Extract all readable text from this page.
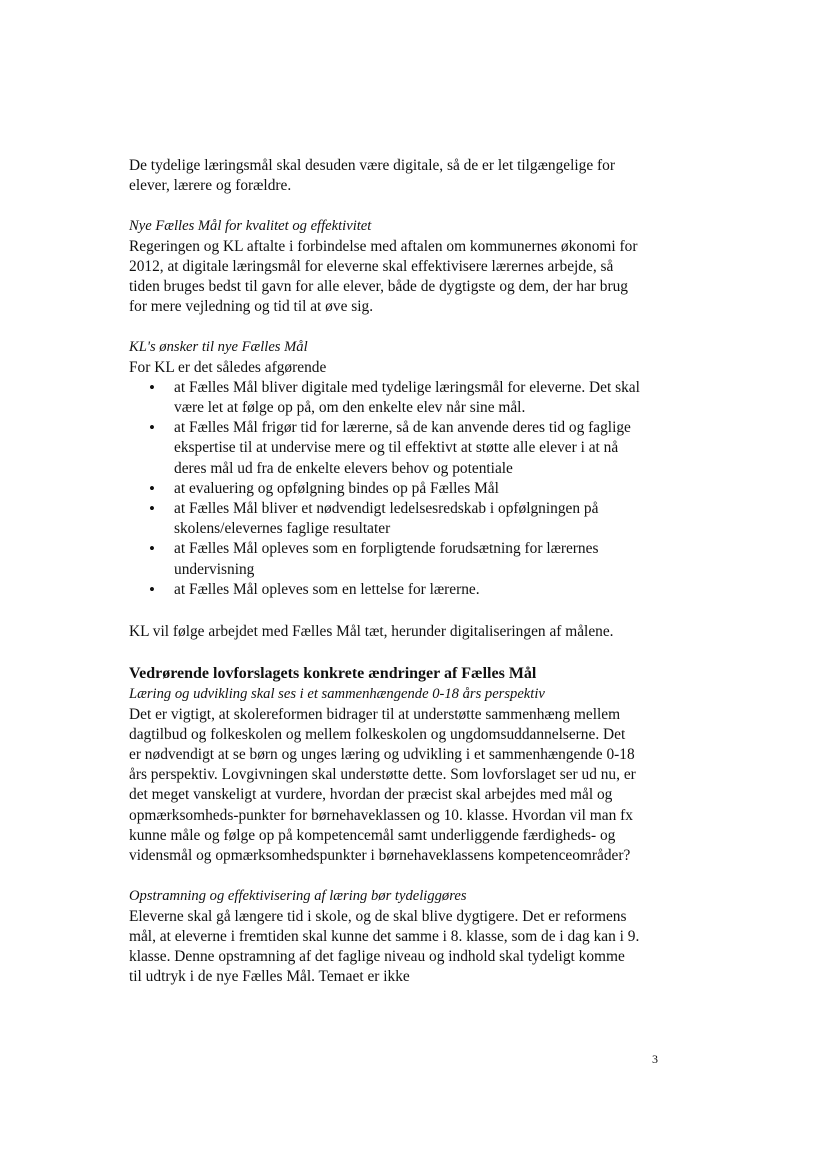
De tydelige læringsmål skal desuden være digitale, så de er let tilgængelige for elever, lærere og forældre.

Nye Fælles Mål for kvalitet og effektivitet

Regeringen og KL aftalte i forbindelse med aftalen om kommunernes økonomi for 2012, at digitale læringsmål for eleverne skal effektivisere lærernes arbejde, så tiden bruges bedst til gavn for alle elever, både de dygtigste og dem, der har brug for mere vejledning og tid til at øve sig.

KL's ønsker til nye Fælles Mål

For KL er det således afgørende

• at Fælles Mål bliver digitale med tydelige læringsmål for eleverne. Det skal være let at følge op på, om den enkelte elev når sine mål.
• at Fælles Mål frigør tid for lærerne, så de kan anvende deres tid og faglige ekspertise til at undervise mere og til effektivt at støtte alle elever i at nå deres mål ud fra de enkelte elevers behov og potentiale
• at evaluering og opfølgning bindes op på Fælles Mål
• at Fælles Mål bliver et nødvendigt ledelsesredskab i opfølgningen på skolens/elevernes faglige resultater
• at Fælles Mål opleves som en forpligtende forudsætning for lærernes undervisning
• at Fælles Mål opleves som en lettelse for lærerne.

KL vil følge arbejdet med Fælles Mål tæt, herunder digitaliseringen af målene.

Vedrørende lovforslagets konkrete ændringer af Fælles Mål

Læring og udvikling skal ses i et sammenhængende 0-18 års perspektiv

Det er vigtigt, at skolereformen bidrager til at understøtte sammenhæng mellem dagtilbud og folkeskolen og mellem folkeskolen og ungdomsuddannelserne. Det er nødvendigt at se børn og unges læring og udvikling i et sammenhængende 0-18 års perspektiv. Lovgivningen skal understøtte dette. Som lovforslaget ser ud nu, er det meget vanskeligt at vurdere, hvordan der præcist skal arbejdes med mål og opmærksomheds-punkter for børnehaveklassen og 10. klasse. Hvordan vil man fx kunne måle og følge op på kompetencemål samt underliggende færdigheds- og vidensmål og opmærksomhedspunkter i børnehaveklassens kompetenceområder?

Opstramning og effektivisering af læring bør tydeliggøres

Eleverne skal gå længere tid i skole, og de skal blive dygtigere. Det er reformens mål, at eleverne i fremtiden skal kunne det samme i 8. klasse, som de i dag kan i 9. klasse. Denne opstramning af det faglige niveau og indhold skal tydeligt komme til udtryk i de nye Fælles Mål. Temaet er ikke

3
